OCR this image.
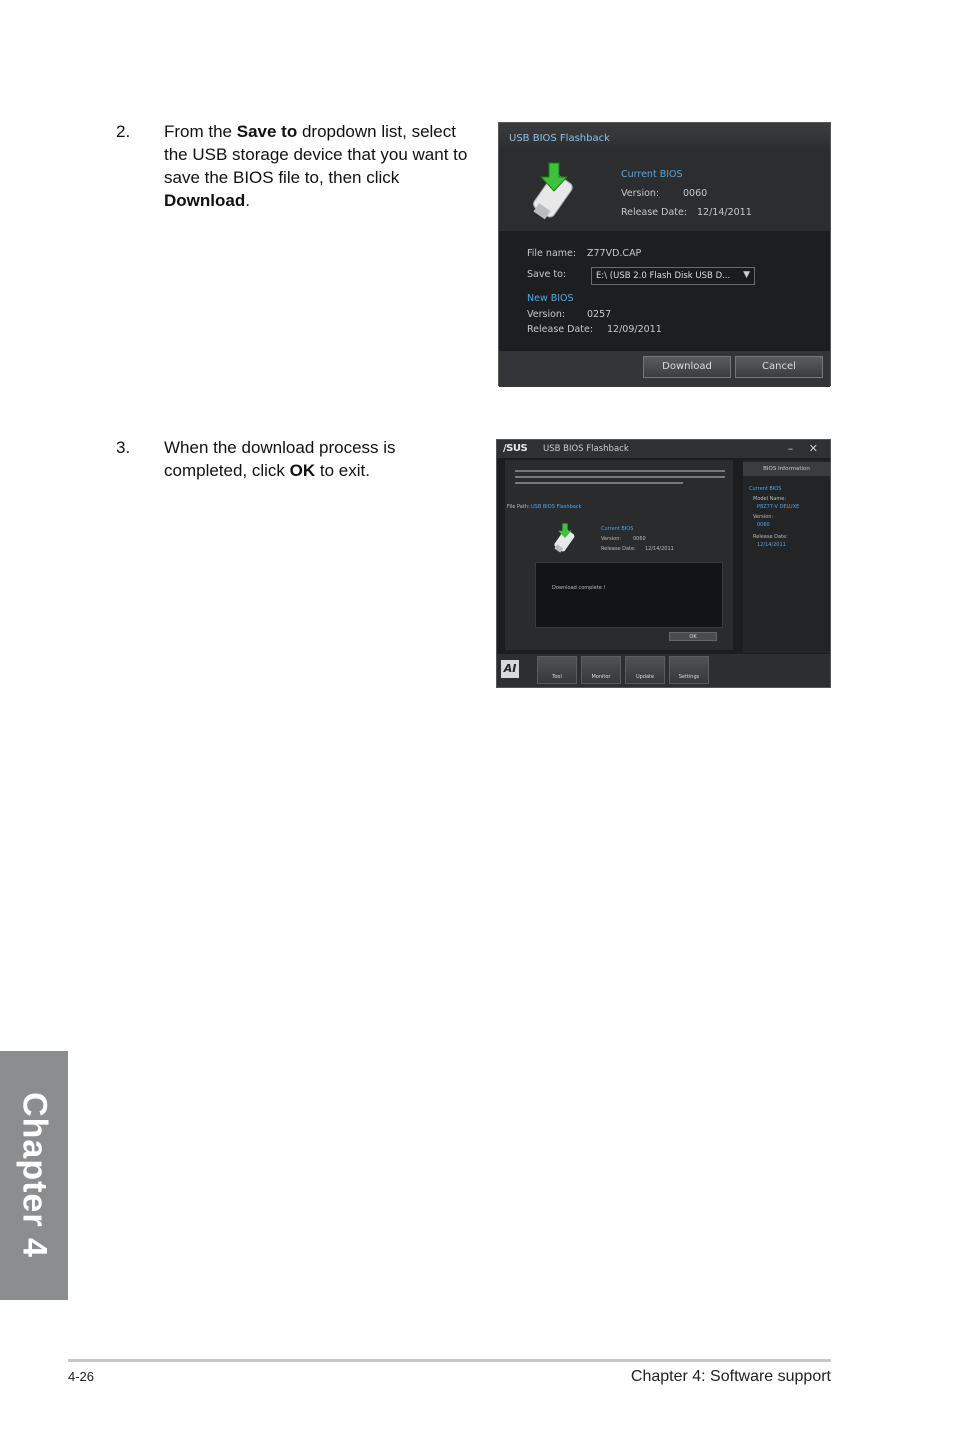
2. From the Save to dropdown list, select the USB storage device that you want to save the BIOS file to, then click Download.
USB BIOS Flashback
Current BIOS
Version:	0060
Release Date: 12/14/2011
File name: Z77VD.CAP
Save to:	E:\ (USB 2.0 Flash Disk USB D... ▼
New BIOS
Version: 0257
Release Date: 12/09/2011
Download	Cancel
3. When the download process is completed, click OK to exit.
/SUS USB BIOS Flashback	– ✕
File Path: USB BIOS Flashback
Current BIOS
Version: 0060
Release Date: 12/14/2011
Download complete !
OK
BIOS Information
Current BIOS
Model Name:
P8Z77-V DELUXE
Version:
0060
Release Date:
12/14/2011
AI
Tool	Monitor	Update	Settings
Chapter 4
4-26	Chapter 4: Software support
